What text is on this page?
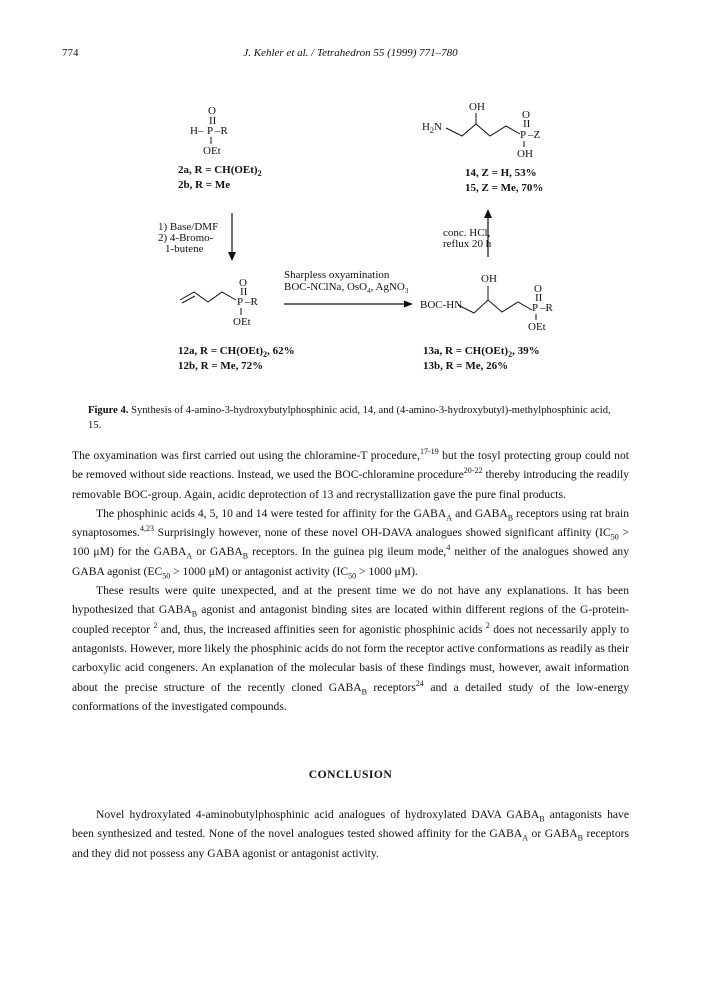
774	J. Kehler et al. / Tetrahedron 55 (1999) 771–780
O
II
H– P –R
OEt
2a, $R = CH(OEt)_2$
2b, R = Me
OH
$H_2N$
O
II
P –Z
OH
14, Z = H, 53%
15, Z = Me, 70%
1) Base/DMF
2) 4-Bromo-
1-butene
conc. HCl,
reflux 20 h
Sharpless oxyamination
BOC-NClNa, OsO$_4$, AgNO$_3$
O
II
P –R
OEt
12a, $R = CH(OEt)_2$, 62%
12b, R = Me, 72%
OH
BOC-HN
O
II
P –R
OEt
13a, $R = CH(OEt)_2$, 39%
13b, R = Me, 26%
Figure 4. Synthesis of 4-amino-3-hydroxybutylphosphinic acid, 14, and (4-amino-3-hydroxybutyl)-methylphosphinic acid, 15.

The oxyamination was first carried out using the chloramine-T procedure,$^{17-19}$ but the tosyl protecting group could not be removed without side reactions. Instead, we used the BOC-chloramine procedure$^{20-22}$ thereby introducing the readily removable BOC-group. Again, acidic deprotection of 13 and recrystallization gave the pure final products.

The phosphinic acids 4, 5, 10 and 14 were tested for affinity for the $GABA_A$ and $GABA_B$ receptors using rat brain synaptosomes.$^{4,23}$ Surprisingly however, none of these novel OH-DAVA analogues showed significant affinity ($IC_{50} > 100$ μM) for the $GABA_A$ or $GABA_B$ receptors. In the guinea pig ileum mode,$^4$ neither of the analogues showed any GABA agonist ($EC_{50} > 1000$ μM) or antagonist activity ($IC_{50} > 1000$ μM).

These results were quite unexpected, and at the present time we do not have any explanations. It has been hypothesized that $GABA_B$ agonist and antagonist binding sites are located within different regions of the G-protein-coupled receptor $^2$ and, thus, the increased affinities seen for agonistic phosphinic acids $^2$ does not necessarily apply to antagonists. However, more likely the phosphinic acids do not form the receptor active conformations as readily as their carboxylic acid congeners. An explanation of the molecular basis of these findings must, however, await information about the precise structure of the recently cloned $GABA_B$ receptors$^{24}$ and a detailed study of the low-energy conformations of the investigated compounds.

CONCLUSION

Novel hydroxylated 4-aminobutylphosphinic acid analogues of hydroxylated DAVA $GABA_B$ antagonists have been synthesized and tested. None of the novel analogues tested showed affinity for the $GABA_A$ or $GABA_B$ receptors and they did not possess any GABA agonist or antagonist activity.
